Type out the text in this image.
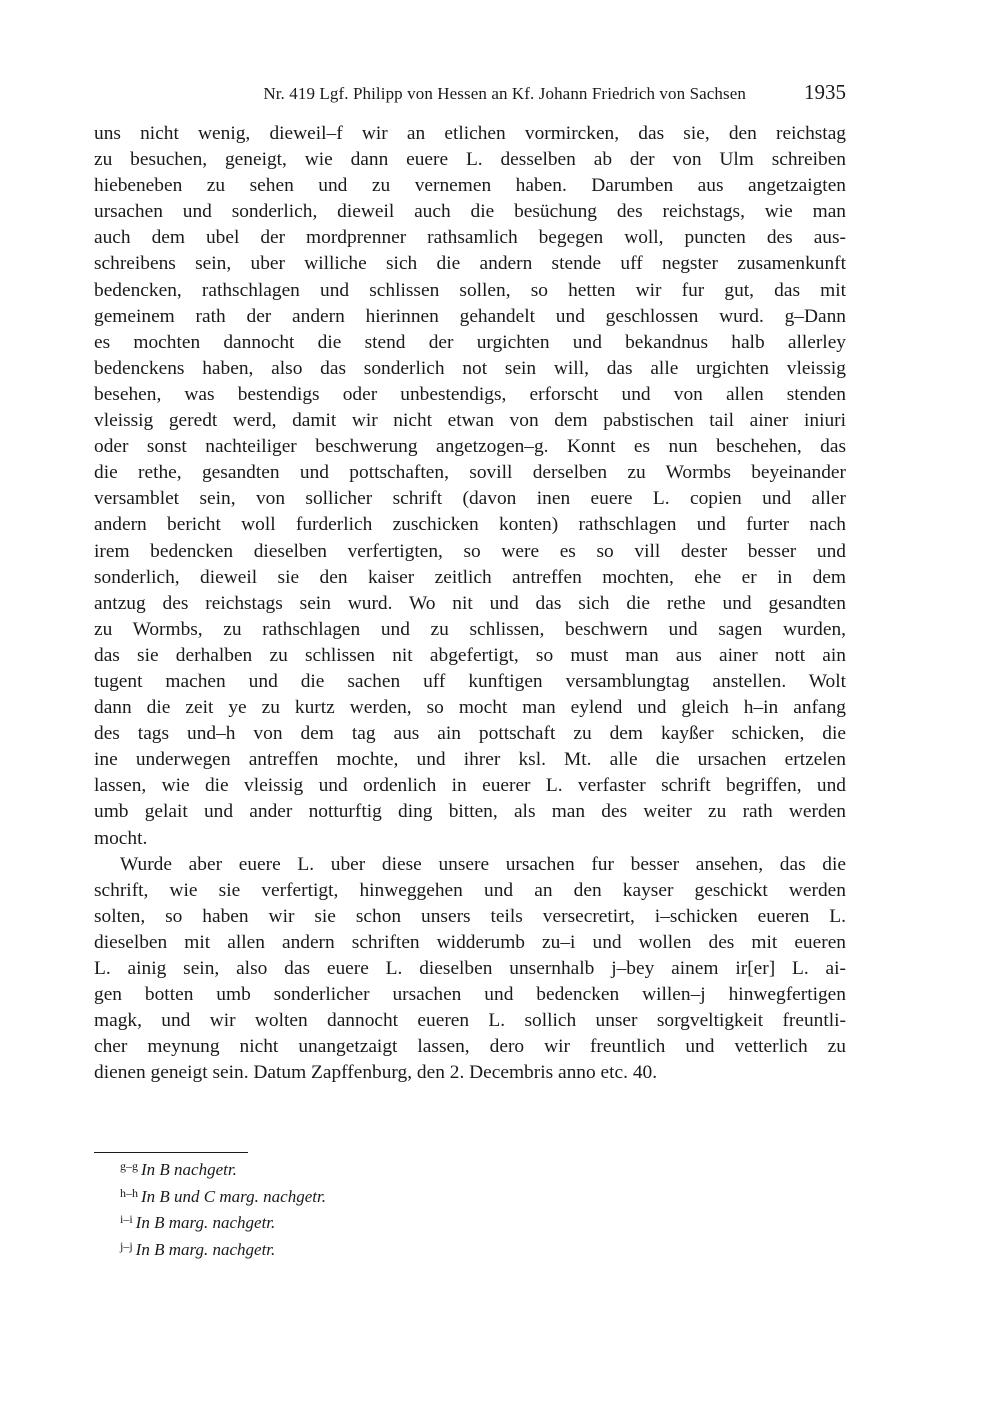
Nr. 419 Lgf. Philipp von Hessen an Kf. Johann Friedrich von Sachsen	1935
uns nicht wenig, dieweil–f wir an etlichen vormircken, das sie, den reichstag
zu besuchen, geneigt, wie dann euere L. desselben ab der von Ulm schreiben
hiebeneben zu sehen und zu vernemen haben. Darumben aus angetzaigten
ursachen und sonderlich, dieweil auch die besüchung des reichstags, wie man
auch dem ubel der mordprenner rathsamlich begegen woll, puncten des aus-
schreibens sein, uber williche sich die andern stende uff negster zusamenkunft
bedencken, rathschlagen und schlissen sollen, so hetten wir fur gut, das mit
gemeinem rath der andern hierinnen gehandelt und geschlossen wurd. g–Dann
es mochten dannocht die stend der urgichten und bekandnus halb allerley
bedenckens haben, also das sonderlich not sein will, das alle urgichten vleissig
besehen, was bestendigs oder unbestendigs, erforscht und von allen stenden
vleissig geredt werd, damit wir nicht etwan von dem pabstischen tail ainer iniuri
oder sonst nachteiliger beschwerung angetzogen–g. Konnt es nun beschehen, das
die rethe, gesandten und pottschaften, sovill derselben zu Wormbs beyeinander
versamblet sein, von sollicher schrift (davon inen euere L. copien und aller
andern bericht woll furderlich zuschicken konten) rathschlagen und furter nach
irem bedencken dieselben verfertigten, so were es so vill dester besser und
sonderlich, dieweil sie den kaiser zeitlich antreffen mochten, ehe er in dem
antzug des reichstags sein wurd. Wo nit und das sich die rethe und gesandten
zu Wormbs, zu rathschlagen und zu schlissen, beschwern und sagen wurden,
das sie derhalben zu schlissen nit abgefertigt, so must man aus ainer nott ain
tugent machen und die sachen uff kunftigen versamblungtag anstellen. Wolt
dann die zeit ye zu kurtz werden, so mocht man eylend und gleich h–in anfang
des tags und–h von dem tag aus ain pottschaft zu dem kayßer schicken, die
ine underwegen antreffen mochte, und ihrer ksl. Mt. alle die ursachen ertzelen
lassen, wie die vleissig und ordenlich in euerer L. verfaster schrift begriffen, und
umb gelait und ander notturftig ding bitten, als man des weiter zu rath werden
mocht.
Wurde aber euere L. uber diese unsere ursachen fur besser ansehen, das die
schrift, wie sie verfertigt, hinweggehen und an den kayser geschickt werden
solten, so haben wir sie schon unsers teils versecretirt, i–schicken eueren L.
dieselben mit allen andern schriften widderumb zu–i und wollen des mit eueren
L. ainig sein, also das euere L. dieselben unsernhalb j–bey ainem ir[er] L. ai-
gen botten umb sonderlicher ursachen und bedencken willen–j hinwegfertigen
magk, und wir wolten dannocht eueren L. sollich unser sorgveltigkeit freuntli-
cher meynung nicht unangetzaigt lassen, dero wir freuntlich und vetterlich zu
dienen geneigt sein. Datum Zapffenburg, den 2. Decembris anno etc. 40.
$^{g-g}$ In B nachgetr.
$^{h-h}$ In B und C marg. nachgetr.
$^{i-i}$ In B marg. nachgetr.
$^{j-j}$ In B marg. nachgetr.
